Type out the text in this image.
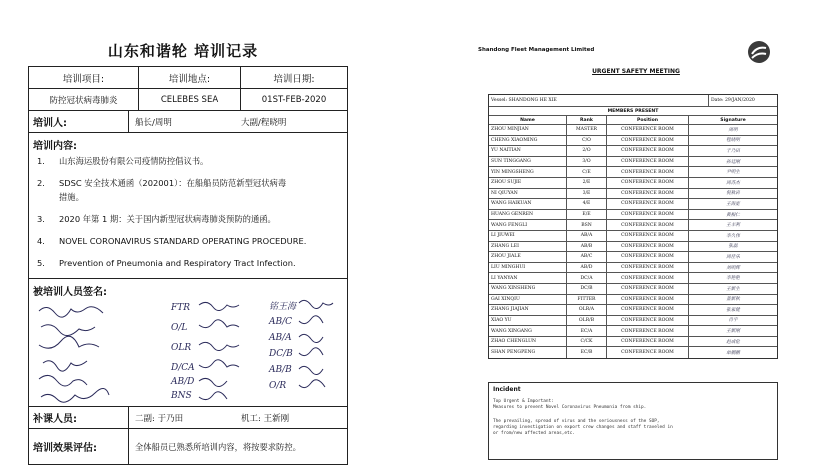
山东和谐轮 培训记录
培训项目:	培训地点:	培训日期:
防控冠状病毒肺炎	CELEBES SEA	01ST-FEB-2020
培训人:	船长/周明	大副/程晓明
培训内容:
1. 山东海运股份有限公司疫情防控倡议书。
2. SDSC 安全技术通函（202001）：在船船员防范新型冠状病毒
措施。
3. 2020 年第 1 期：关于国内新型冠状病毒肺炎预防的通函。
4. NOVEL CORONAVIRUS STANDARD OPERATING PROCEDURE.
5. Prevention of Pneumonia and Respiratory Tract Infection.
被培训人员签名:
FTR
O/L
OLR
D/CA
AB/D
BNS
铭王海
AB/C
AB/A
DC/B
AB/B
O/R
补课人员:	二副: 于乃田	机工: 王新刚
培训效果评估:	全体船员已熟悉所培训内容，将按要求防控。
Shandong Fleet Management Limited
URGENT SAFETY MEETING
Vessel: SHANDONG HE XIE	Date: 29/JAN/2020
MEMBERS PRESENT
Name	Rank	Position	Signature
ZHOU MINJIAN	MASTER	CONFERENCE ROOM	周明
CHENG XIAOMING	C/O	CONFERENCE ROOM	程晓明
YU NAITIAN	2/O	CONFERENCE ROOM	于乃田
SUN TINGGANG	3/O	CONFERENCE ROOM	孙廷刚
YIN MINGSHENG	C/E	CONFERENCE ROOM	尹明生
ZHOU SUJIE	2/E	CONFERENCE ROOM	周苏杰
NI QIUYAN	3/E	CONFERENCE ROOM	倪秋岩
WANG HAIKUAN	4/E	CONFERENCE ROOM	王海宽
HUANG GENREN	E/E	CONFERENCE ROOM	黄根仁
WANG FENGLI	BSN	CONFERENCE ROOM	王丰利
LI JIUWEI	AB/A	CONFERENCE ROOM	李久伟
ZHANG LEI	AB/B	CONFERENCE ROOM	张磊
ZHOU JIALE	AB/C	CONFERENCE ROOM	周佳乐
LIU MINGHUI	AB/D	CONFERENCE ROOM	刘明辉
LI YANYAN	DC/A	CONFERENCE ROOM	李艳艳
WANG XINSHENG	DC/B	CONFERENCE ROOM	王新生
GAI XINQIU	FITTER	CONFERENCE ROOM	盖新秋
ZHANG JIAJIAN	OLR/A	CONFERENCE ROOM	张家健
XIAO YU	OLR/B	CONFERENCE ROOM	肖宇
WANG XINGANG	EC/A	CONFERENCE ROOM	王新刚
ZHAO CHENGLUN	C/CK	CONFERENCE ROOM	赵成伦
SHAN PENGPENG	EC/B	CONFERENCE ROOM	单鹏鹏
Incident
Top Urgent & Important:
Measures to prevent Novel Coronavirus Pneumonia from ship.
The prevailing, spread of virus and the seriousness of the SOP,
regarding investigation on export crew changes and staff traveled in
or from/new affected areas,etc.
